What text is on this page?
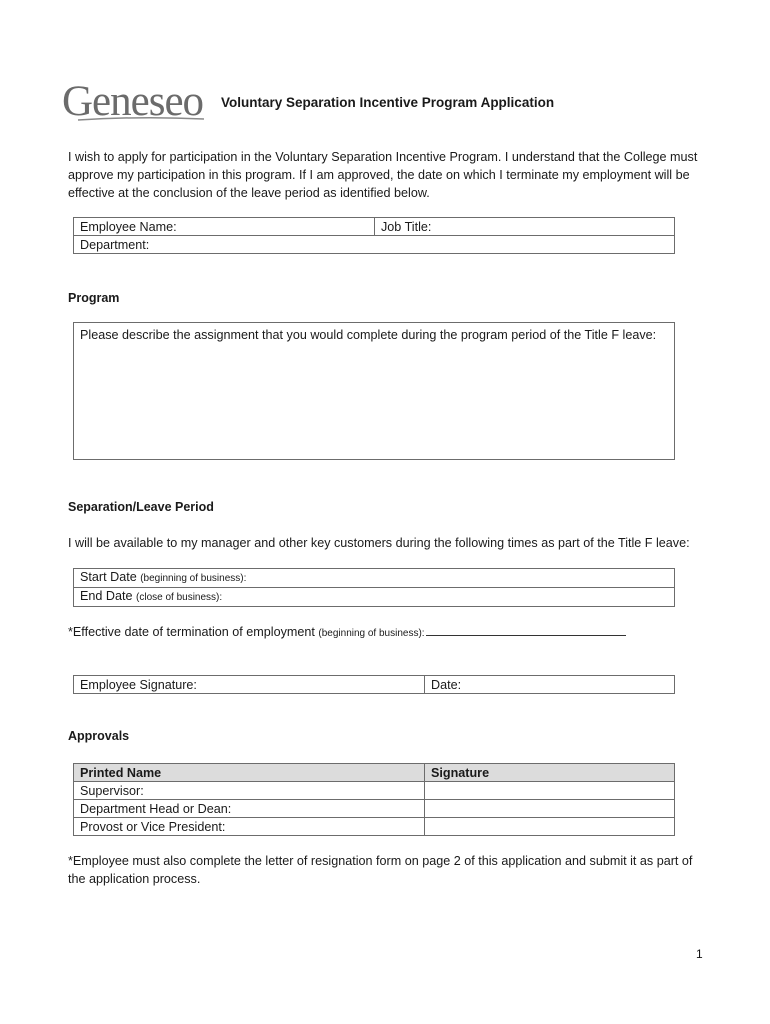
Geneseo	Voluntary Separation Incentive Program Application
I wish to apply for participation in the Voluntary Separation Incentive Program. I understand that the College must approve my participation in this program. If I am approved, the date on which I terminate my employment will be effective at the conclusion of the leave period as identified below.
Employee Name:	Job Title:
Department:
Program
Please describe the assignment that you would complete during the program period of the Title F leave:
Separation/Leave Period
I will be available to my manager and other key customers during the following times as part of the Title F leave:
Start Date (beginning of business):
End Date (close of business):
*Effective date of termination of employment (beginning of business):
Employee Signature:	Date:
Approvals
Printed Name	Signature
Supervisor:	
Department Head or Dean:	
Provost or Vice President:	
*Employee must also complete the letter of resignation form on page 2 of this application and submit it as part of the application process.
1
